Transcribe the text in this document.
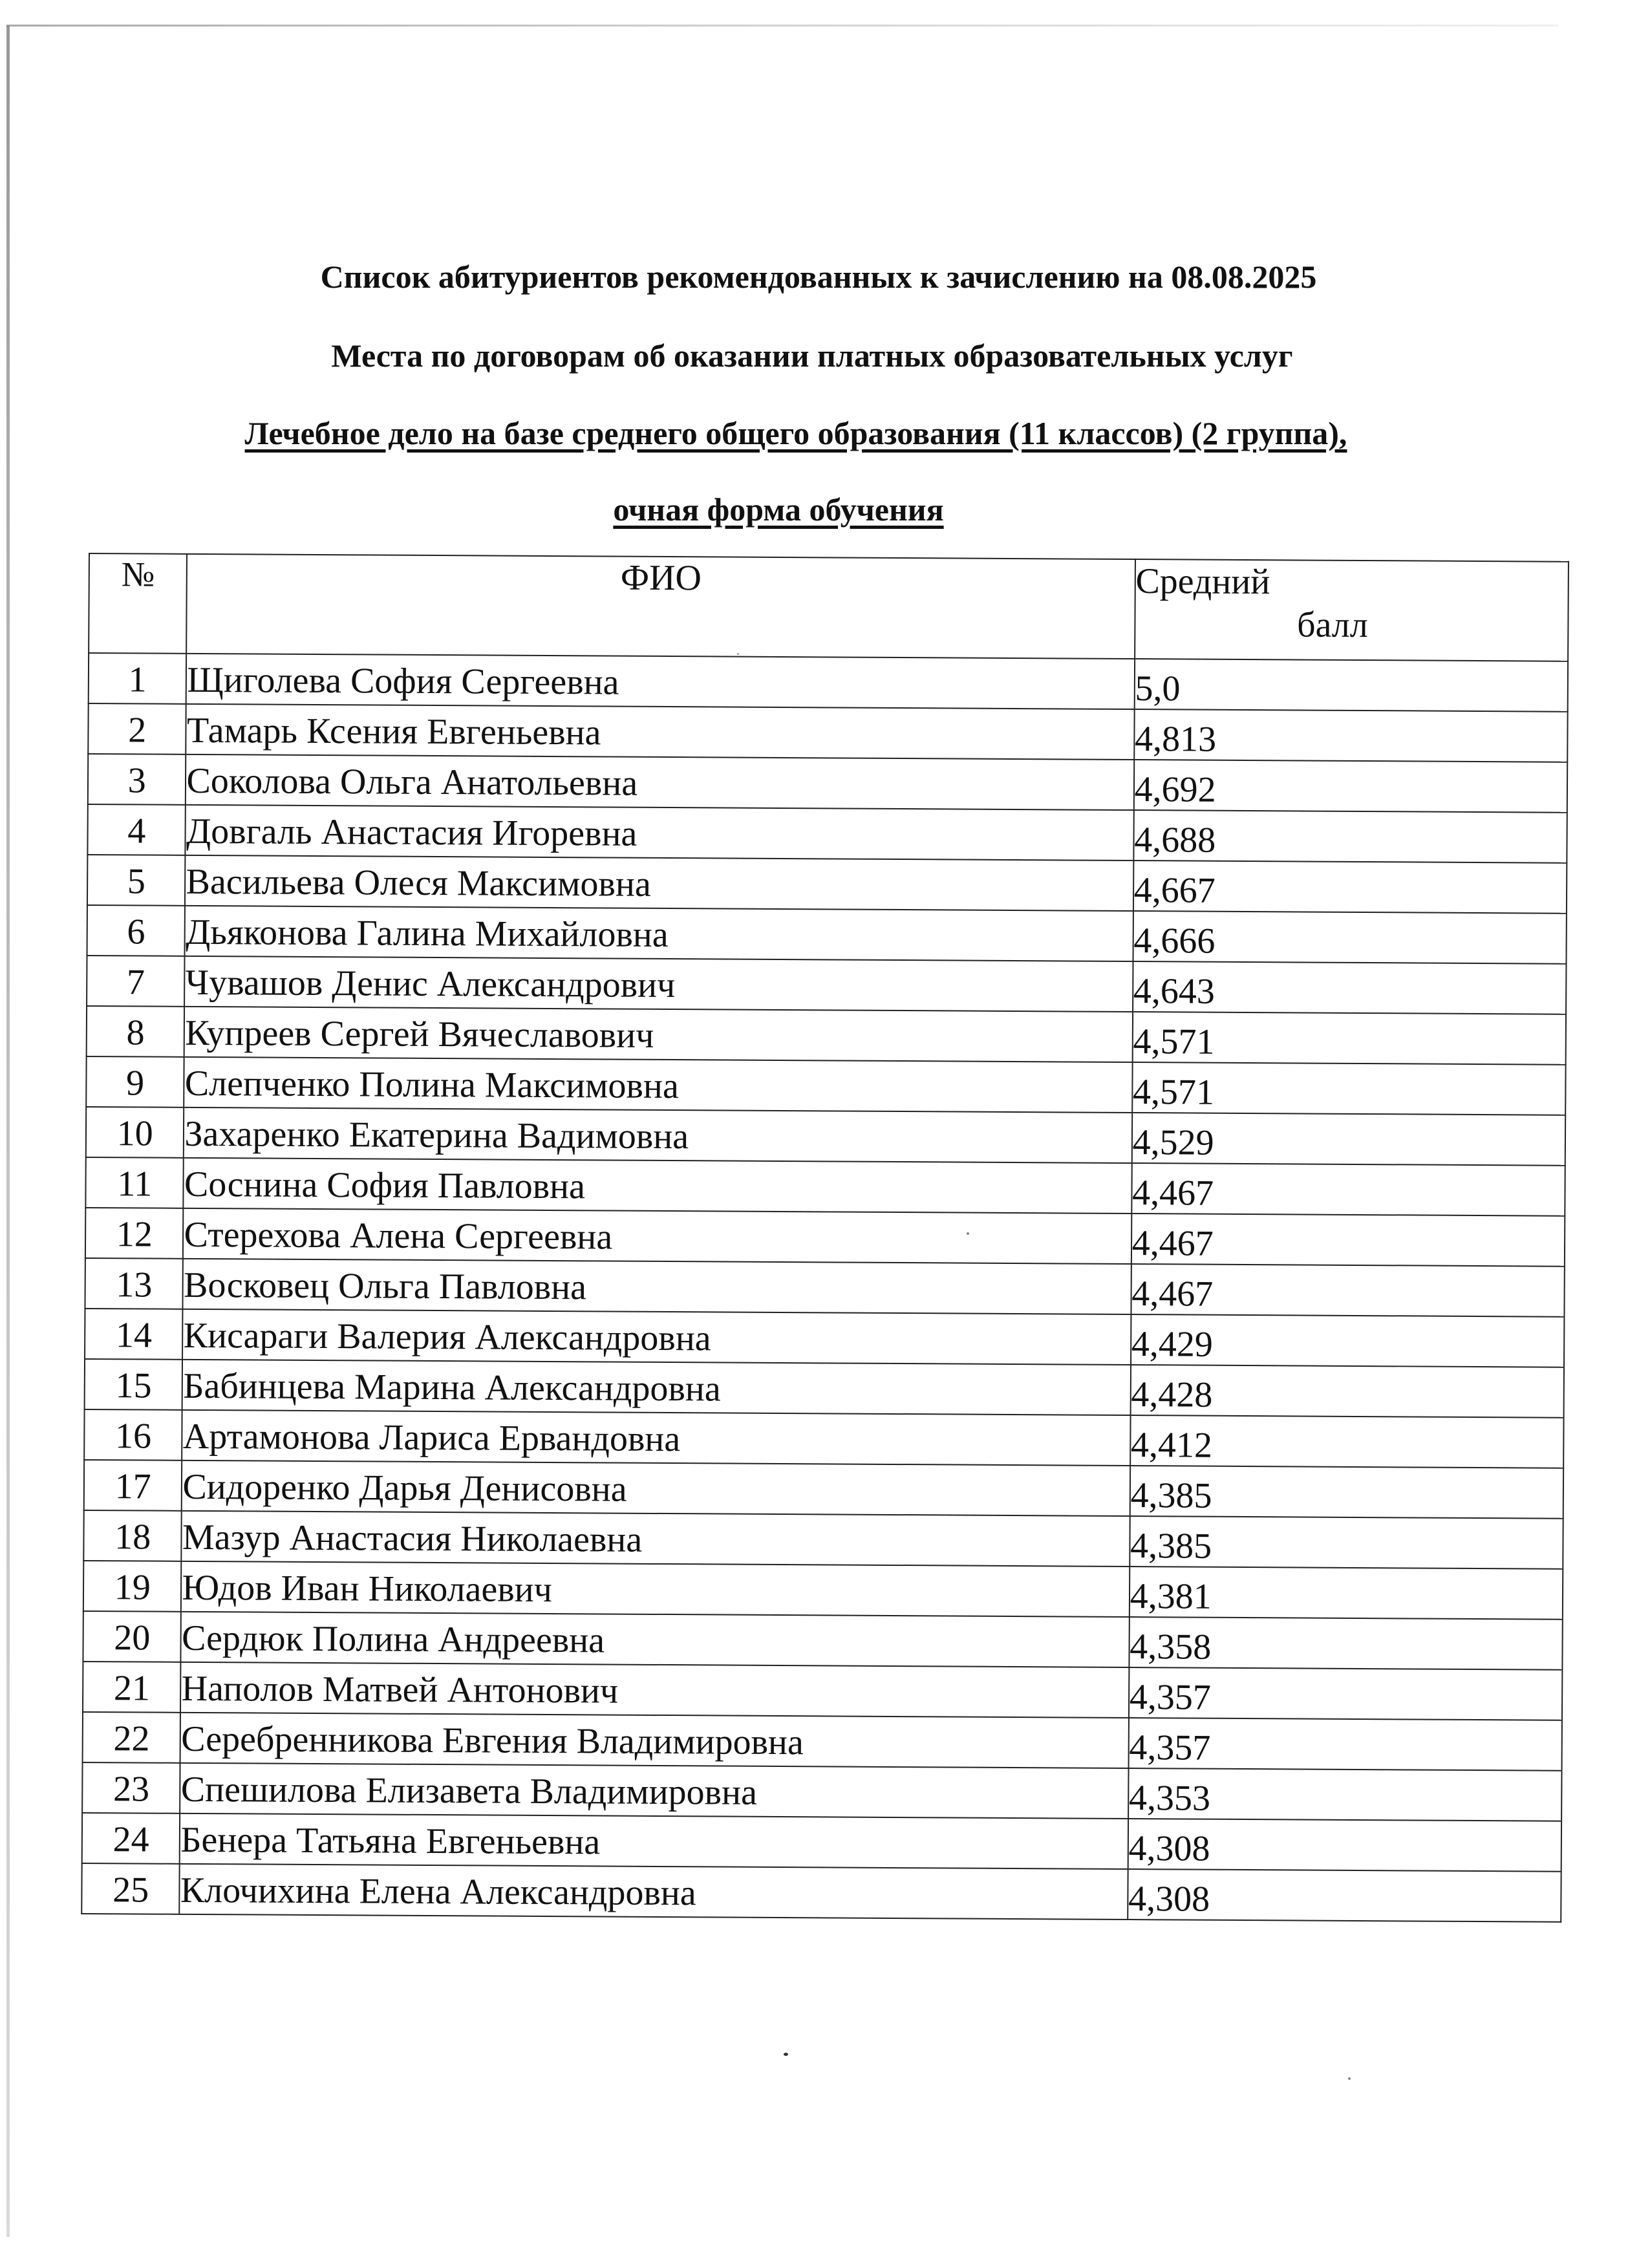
Список абитуриентов рекомендованных к зачислению на 08.08.2025
Места по договорам об оказании платных образовательных услуг
Лечебное дело на базе среднего общего образования (11 классов) (2 группа),
очная форма обучения
№	ФИО	Средний
балл

1	Щиголева София Сергеевна	5,0
2	Тамарь Ксения Евгеньевна	4,813
3	Соколова Ольга Анатольевна	4,692
4	Довгаль Анастасия Игоревна	4,688
5	Васильева Олеся Максимовна	4,667
6	Дьяконова Галина Михайловна	4,666
7	Чувашов Денис Александрович	4,643
8	Купреев Сергей Вячеславович	4,571
9	Слепченко Полина Максимовна	4,571
10	Захаренко Екатерина Вадимовна	4,529
11	Соснина София Павловна	4,467
12	Стерехова Алена Сергеевна	4,467
13	Восковец Ольга Павловна	4,467
14	Кисараги Валерия Александровна	4,429
15	Бабинцева Марина Александровна	4,428
16	Артамонова Лариса Ервандовна	4,412
17	Сидоренко Дарья Денисовна	4,385
18	Мазур Анастасия Николаевна	4,385
19	Юдов Иван Николаевич	4,381
20	Сердюк Полина Андреевна	4,358
21	Наполов Матвей Антонович	4,357
22	Серебренникова Евгения Владимировна	4,357
23	Спешилова Елизавета Владимировна	4,353
24	Бенера Татьяна Евгеньевна	4,308
25	Клочихина Елена Александровна	4,308
